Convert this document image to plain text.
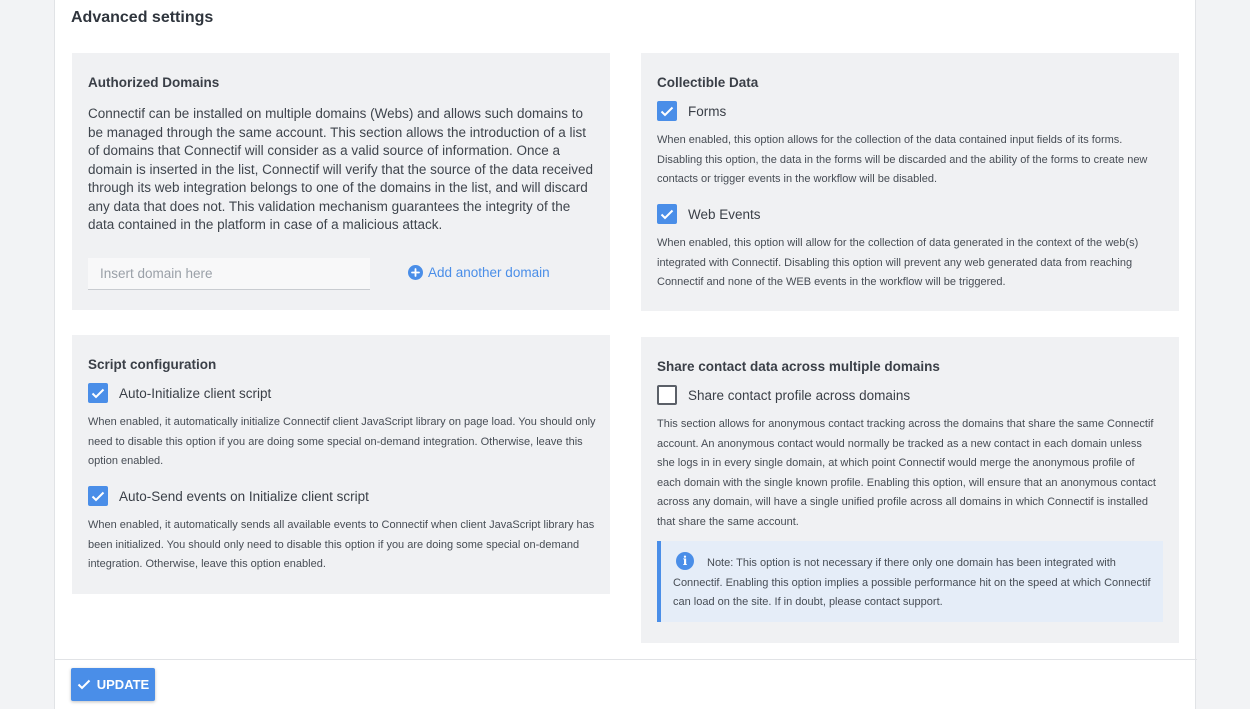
Advanced settings
Authorized Domains
Connectif can be installed on multiple domains (Webs) and allows such domains to be managed through the same account. This section allows the introduction of a list of domains that Connectif will consider as a valid source of information. Once a domain is inserted in the list, Connectif will verify that the source of the data received through its web integration belongs to one of the domains in the list, and will discard any data that does not. This validation mechanism guarantees the integrity of the data contained in the platform in case of a malicious attack.
Insert domain here
Add another domain
Collectible Data
Forms
When enabled, this option allows for the collection of the data contained input fields of its forms. Disabling this option, the data in the forms will be discarded and the ability of the forms to create new contacts or trigger events in the workflow will be disabled.
Web Events
When enabled, this option will allow for the collection of data generated in the context of the web(s) integrated with Connectif. Disabling this option will prevent any web generated data from reaching Connectif and none of the WEB events in the workflow will be triggered.
Script configuration
Auto-Initialize client script
When enabled, it automatically initialize Connectif client JavaScript library on page load. You should only need to disable this option if you are doing some special on-demand integration. Otherwise, leave this option enabled.
Auto-Send events on Initialize client script
When enabled, it automatically sends all available events to Connectif when client JavaScript library has been initialized. You should only need to disable this option if you are doing some special on-demand integration. Otherwise, leave this option enabled.
Share contact data across multiple domains
Share contact profile across domains
This section allows for anonymous contact tracking across the domains that share the same Connectif account. An anonymous contact would normally be tracked as a new contact in each domain unless she logs in in every single domain, at which point Connectif would merge the anonymous profile of each domain with the single known profile. Enabling this option, will ensure that an anonymous contact across any domain, will have a single unified profile across all domains in which Connectif is installed that share the same account.
i	Note: This option is not necessary if there only one domain has been integrated with Connectif. Enabling this option implies a possible performance hit on the speed at which Connectif can load on the site. If in doubt, please contact support.
UPDATE
